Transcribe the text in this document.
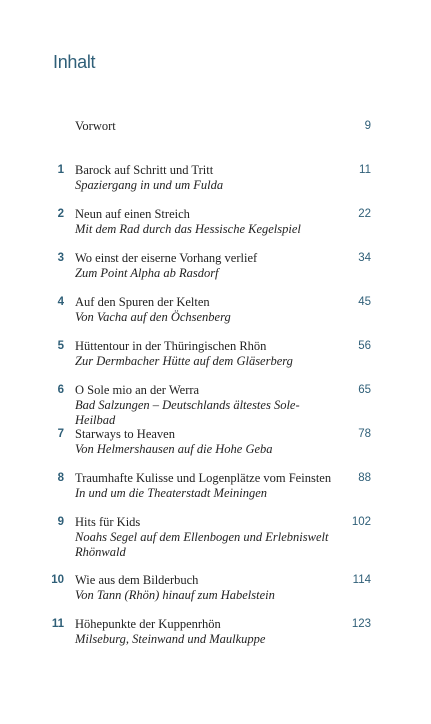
Inhalt
Vorwort	9
1 Barock auf Schritt und Tritt
Spaziergang in und um Fulda
11
2 Neun auf einen Streich
Mit dem Rad durch das Hessische Kegelspiel
22
3 Wo einst der eiserne Vorhang verlief
Zum Point Alpha ab Rasdorf
34
4 Auf den Spuren der Kelten
Von Vacha auf den Öchsenberg
45
5 Hüttentour in der Thüringischen Rhön
Zur Dermbacher Hütte auf dem Gläserberg
56
6 O Sole mio an der Werra
Bad Salzungen – Deutschlands ältestes Sole-Heilbad
65
7 Starways to Heaven
Von Helmershausen auf die Hohe Geba
78
8 Traumhafte Kulisse und Logenplätze vom Feinsten
In und um die Theaterstadt Meiningen
88
9 Hits für Kids
Noahs Segel auf dem Ellenbogen und Erlebniswelt Rhönwald
102
10 Wie aus dem Bilderbuch
Von Tann (Rhön) hinauf zum Habelstein
114
11 Höhepunkte der Kuppenrhön
Milseburg, Steinwand und Maulkuppe
123
